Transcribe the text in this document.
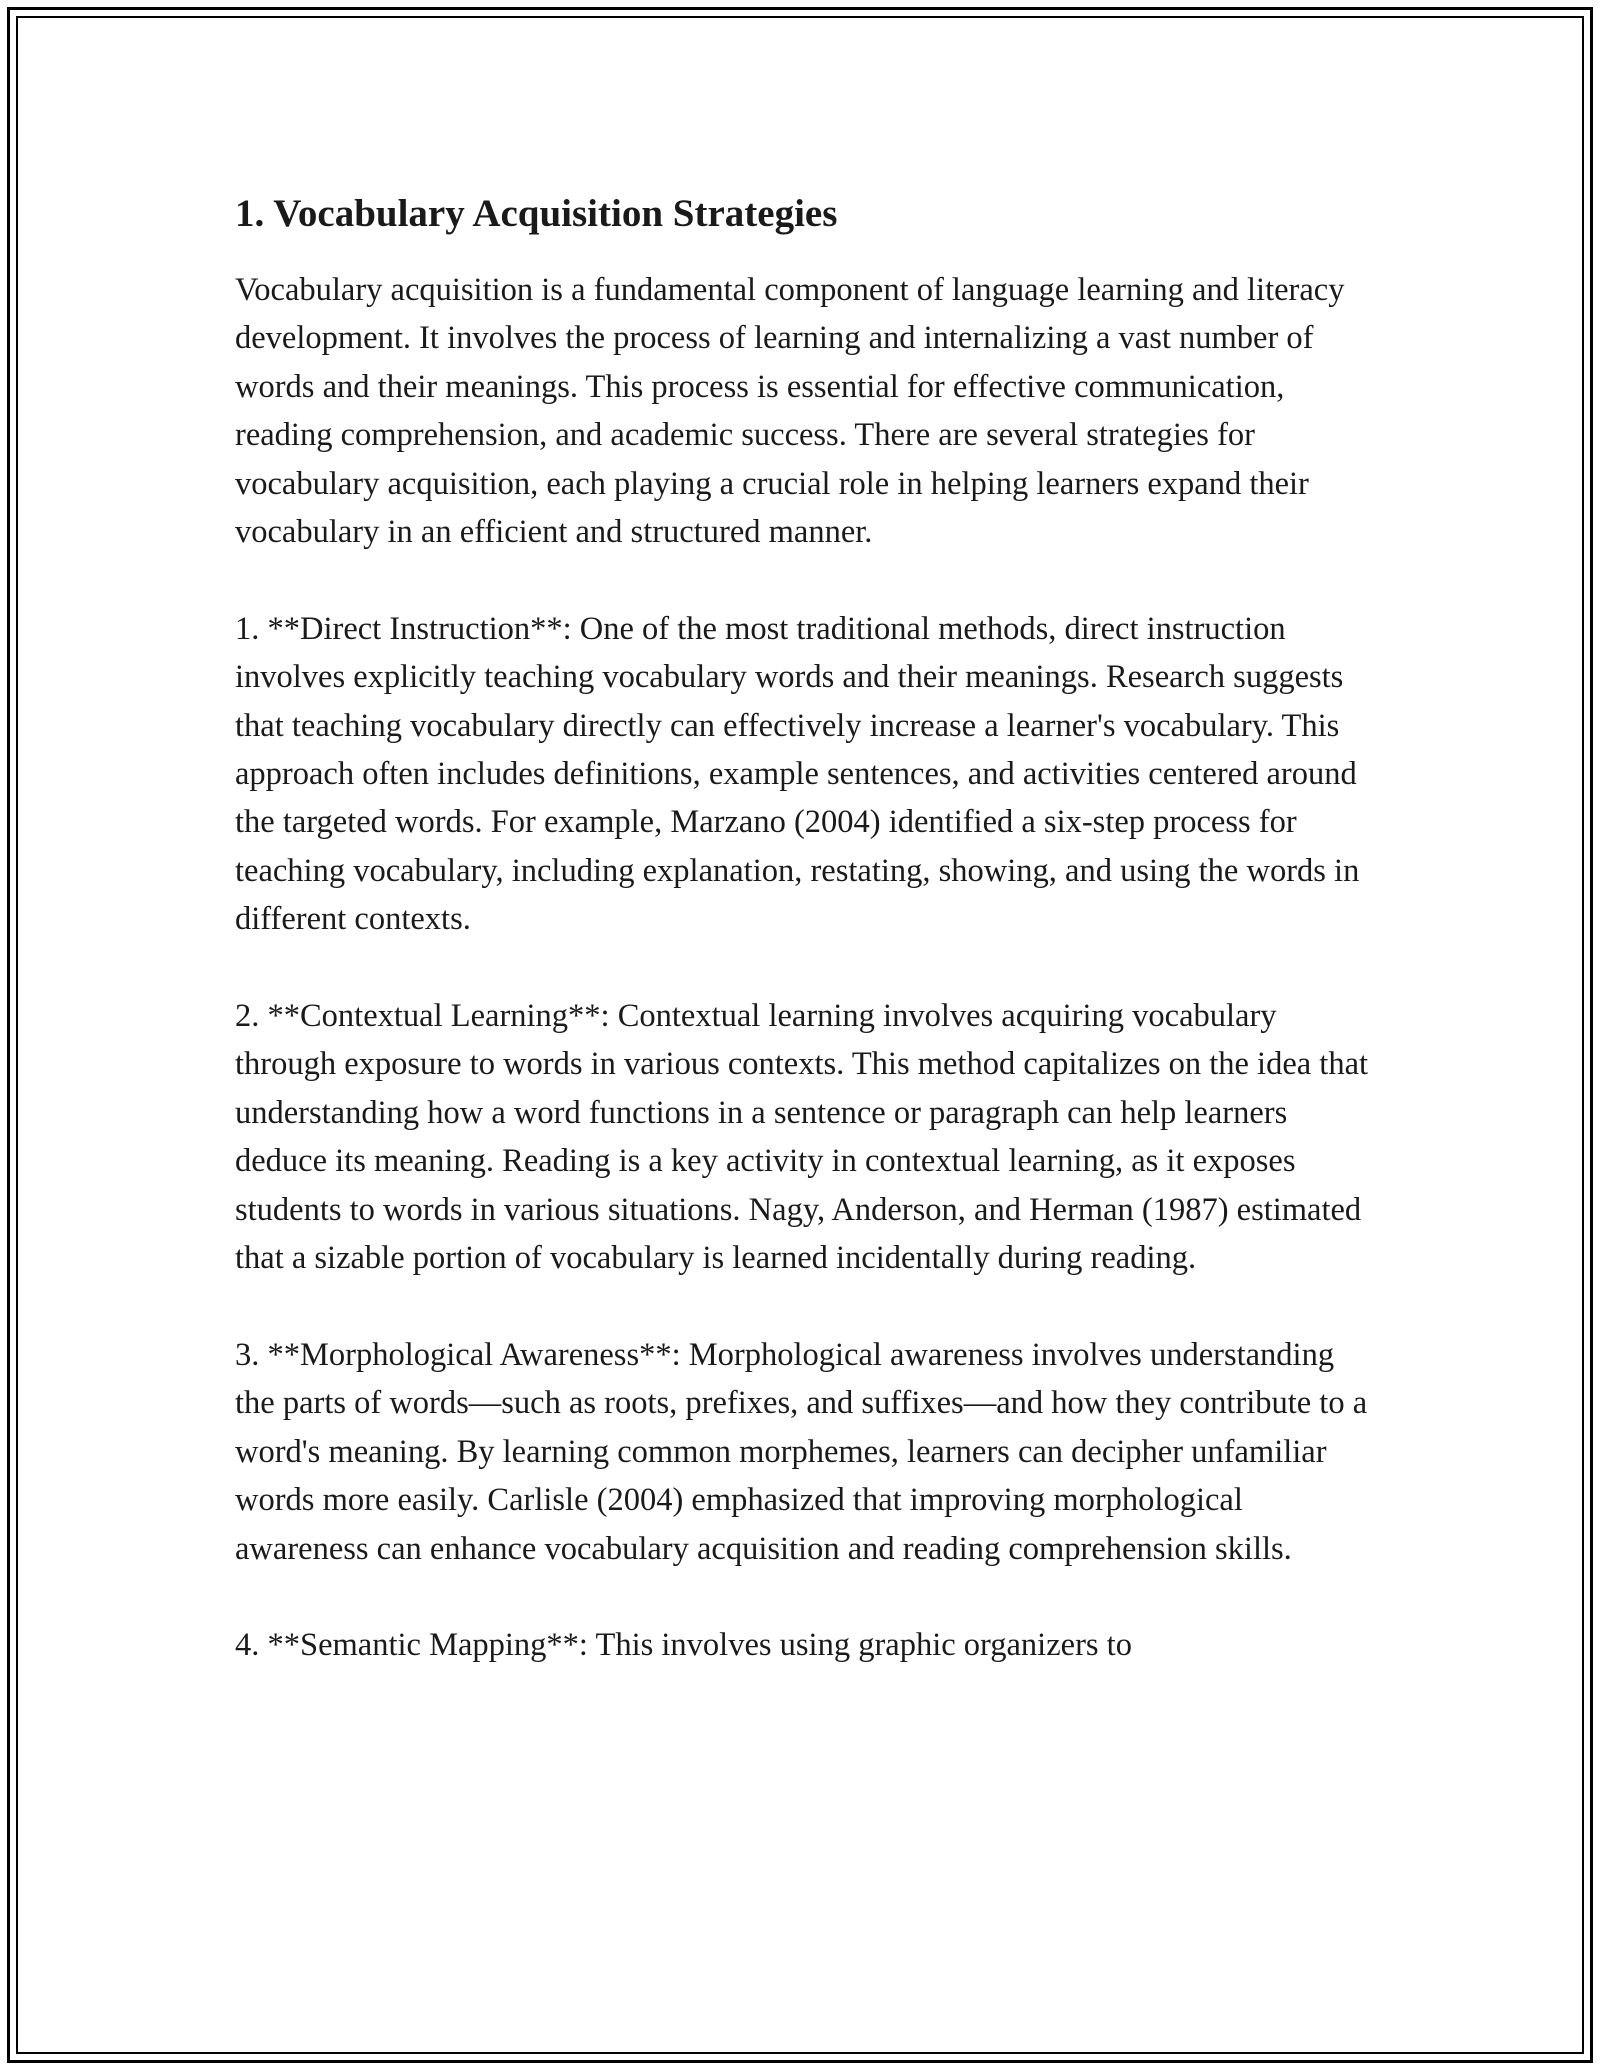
1. Vocabulary Acquisition Strategies

Vocabulary acquisition is a fundamental component of language learning and literacy development. It involves the process of learning and internalizing a vast number of words and their meanings. This process is essential for effective communication, reading comprehension, and academic success. There are several strategies for vocabulary acquisition, each playing a crucial role in helping learners expand their vocabulary in an efficient and structured manner.

1. **Direct Instruction**: One of the most traditional methods, direct instruction involves explicitly teaching vocabulary words and their meanings. Research suggests that teaching vocabulary directly can effectively increase a learner's vocabulary. This approach often includes definitions, example sentences, and activities centered around the targeted words. For example, Marzano (2004) identified a six-step process for teaching vocabulary, including explanation, restating, showing, and using the words in different contexts.

2. **Contextual Learning**: Contextual learning involves acquiring vocabulary through exposure to words in various contexts. This method capitalizes on the idea that understanding how a word functions in a sentence or paragraph can help learners deduce its meaning. Reading is a key activity in contextual learning, as it exposes students to words in various situations. Nagy, Anderson, and Herman (1987) estimated that a sizable portion of vocabulary is learned incidentally during reading.

3. **Morphological Awareness**: Morphological awareness involves understanding the parts of words—such as roots, prefixes, and suffixes—and how they contribute to a word's meaning. By learning common morphemes, learners can decipher unfamiliar words more easily. Carlisle (2004) emphasized that improving morphological awareness can enhance vocabulary acquisition and reading comprehension skills.

4. **Semantic Mapping**: This involves using graphic organizers to
